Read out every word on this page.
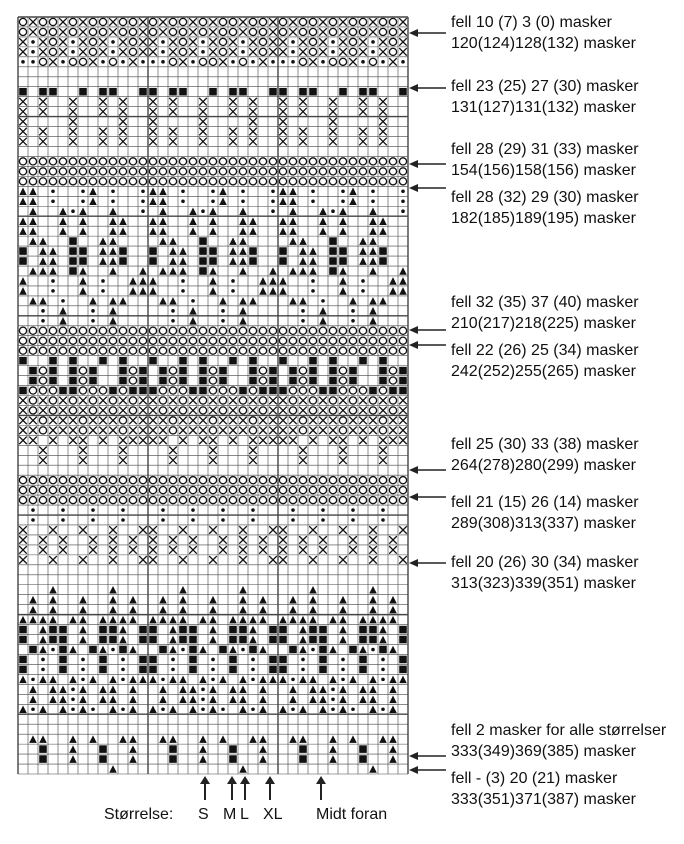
fell 10 (7) 3 (0) masker
120(124)128(132) masker
fell 23 (25) 27 (30) masker
131(127)131(132) masker
fell 28 (29) 31 (33) masker
154(156)158(156) masker
fell 28 (32) 29 (30) masker
182(185)189(195) masker
fell 32 (35) 37 (40) masker
210(217)218(225) masker
fell 22 (26) 25 (34) masker
242(252)255(265) masker
fell 25 (30) 33 (38) masker
264(278)280(299) masker
fell 21 (15) 26 (14) masker
289(308)313(337) masker
fell 20 (26) 30 (34) masker
313(323)339(351) masker
fell 2 masker for alle størrelser
333(349)369(385) masker
fell - (3) 20 (21) masker
333(351)371(387) masker
Størrelse: S M L XL Midt foran
